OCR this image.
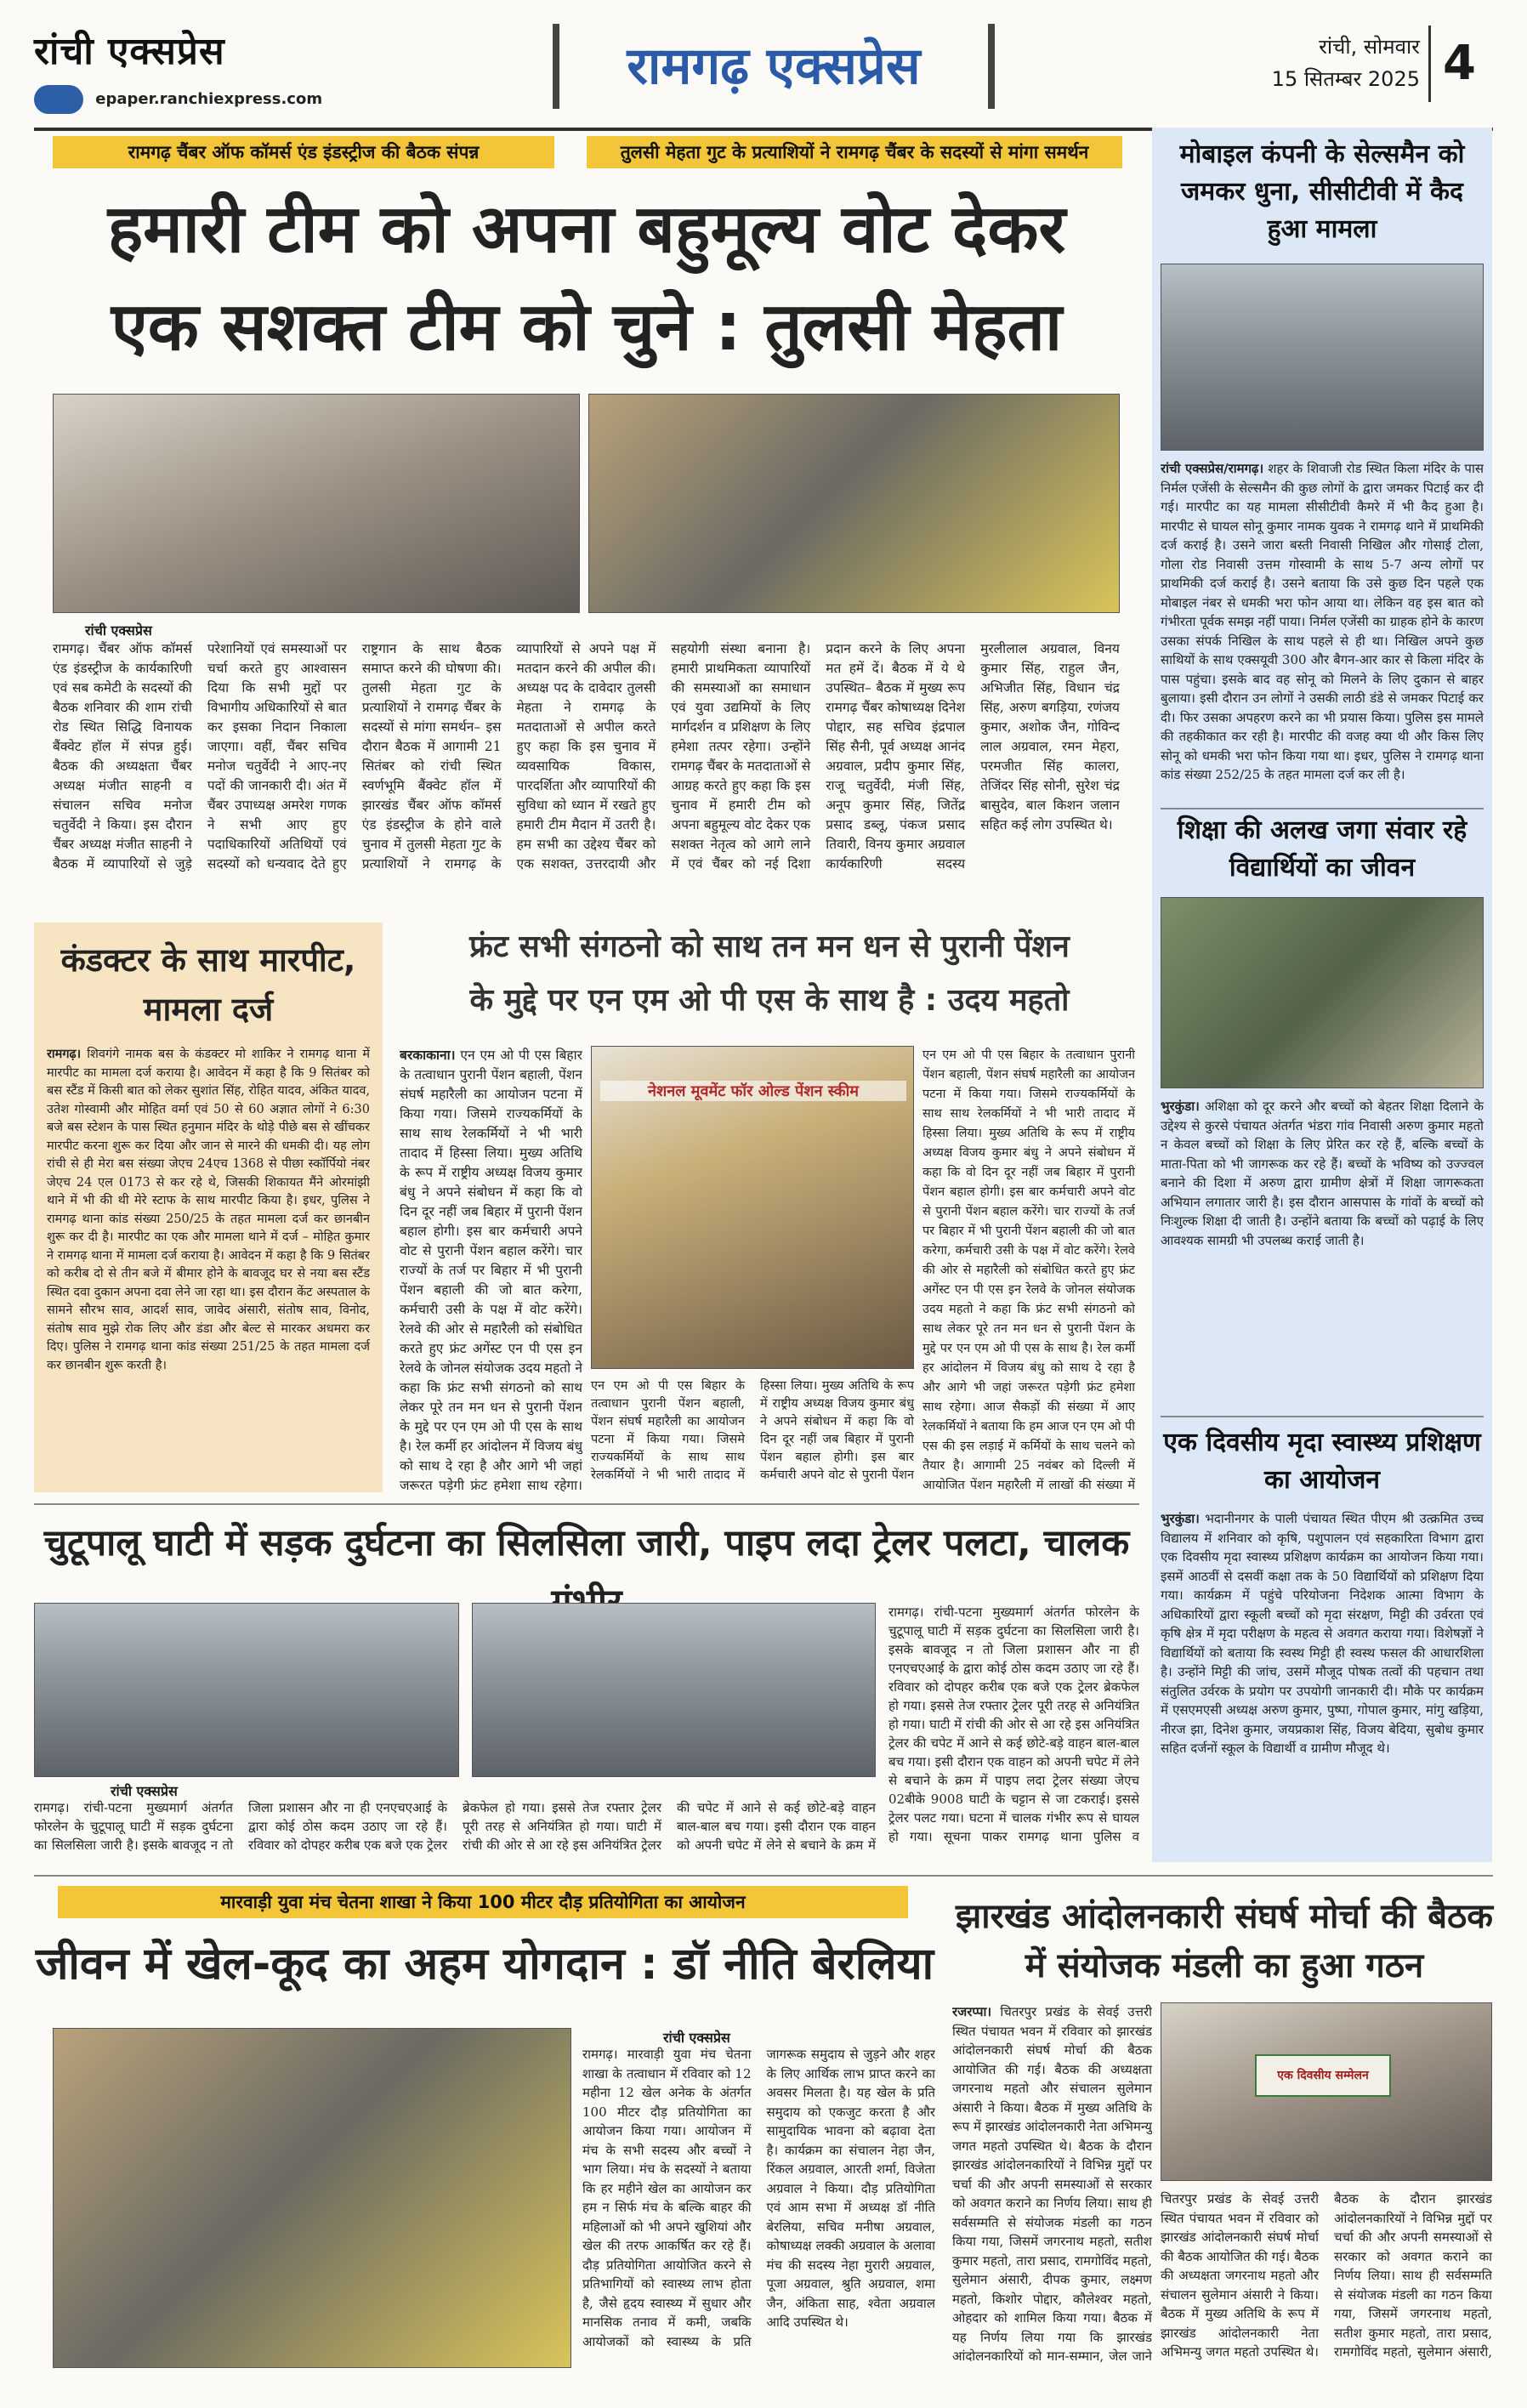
रांची एक्सप्रेस
epaper.ranchiexpress.com
रामगढ़ एक्सप्रेस	रांची, सोमवार
15 सितम्बर 2025 4
रामगढ़ चैंबर ऑफ कॉमर्स एंड इंडस्ट्रीज की बैठक संपन्न	तुलसी मेहता गुट के प्रत्याशियों ने रामगढ़ चैंबर के सदस्यों से मांगा समर्थन
हमारी टीम को अपना बहुमूल्य वोट देकर
एक सशक्त टीम को चुने : तुलसी मेहता
रांची एक्सप्रेस
रामगढ़। चैंबर ऑफ कॉमर्स एंड इंडस्ट्रीज के कार्यकारिणी एवं सब कमेटी के सदस्यों की बैठक शनिवार की शाम रांची रोड स्थित सिद्धि विनायक बैंक्वेट हॉल में संपन्न हुई। बैठक की अध्यक्षता चैंबर अध्यक्ष मंजीत साहनी व संचालन सचिव मनोज चतुर्वेदी ने किया। इस दौरान चैंबर अध्यक्ष मंजीत साहनी ने बैठक में व्यापारियों से जुड़े परेशानियों एवं समस्याओं पर चर्चा करते हुए आश्वासन दिया कि सभी मुद्दों पर विभागीय अधिकारियों से बात कर इसका निदान निकाला जाएगा। वहीं, चैंबर सचिव मनोज चतुर्वेदी ने आए-नए पदों की जानकारी दी। अंत में चैंबर उपाध्यक्ष अमरेश गणक ने सभी आए हुए पदाधिकारियों अतिथियों एवं सदस्यों को धन्यवाद देते हुए राष्ट्रगान के साथ बैठक समाप्त करने की घोषणा की। तुलसी मेहता गुट के प्रत्याशियों ने रामगढ़ चैंबर के सदस्यों से मांगा समर्थन– इस दौरान बैठक में आगामी 21 सितंबर को रांची स्थित स्वर्णभूमि बैंक्वेट हॉल में झारखंड चैंबर ऑफ कॉमर्स एंड इंडस्ट्रीज के होने वाले चुनाव में तुलसी मेहता गुट के प्रत्याशियों ने रामगढ़ के व्यापारियों से अपने पक्ष में मतदान करने की अपील की। अध्यक्ष पद के दावेदार तुलसी मेहता ने रामगढ़ के मतदाताओं से अपील करते हुए कहा कि इस चुनाव में व्यवसायिक विकास, पारदर्शिता और व्यापारियों की सुविधा को ध्यान में रखते हुए हमारी टीम मैदान में उतरी है। हम सभी का उद्देश्य चैंबर को एक सशक्त, उत्तरदायी और सहयोगी संस्था बनाना है। हमारी प्राथमिकता व्यापारियों की समस्याओं का समाधान एवं युवा उद्यमियों के लिए मार्गदर्शन व प्रशिक्षण के लिए हमेशा तत्पर रहेगा। उन्होंने रामगढ़ चैंबर के मतदाताओं से आग्रह करते हुए कहा कि इस चुनाव में हमारी टीम को अपना बहुमूल्य वोट देकर एक सशक्त नेतृत्व को आगे लाने में एवं चैंबर को नई दिशा प्रदान करने के लिए अपना मत हमें दें। बैठक में ये थे उपस्थित– बैठक में मुख्य रूप रामगढ़ चैंबर कोषाध्यक्ष दिनेश पोद्दार, सह सचिव इंद्रपाल सिंह सैनी, पूर्व अध्यक्ष आनंद अग्रवाल, प्रदीप कुमार सिंह, राजू चतुर्वेदी, मंजी सिंह, अनूप कुमार सिंह, जितेंद्र प्रसाद डब्लू, पंकज प्रसाद तिवारी, विनय कुमार अग्रवाल कार्यकारिणी सदस्य मुरलीलाल अग्रवाल, विनय कुमार सिंह, राहुल जैन, अभिजीत सिंह, विधान चंद्र सिंह, अरुण बगड़िया, रणंजय कुमार, अशोक जैन, गोविन्द लाल अग्रवाल, रमन मेहरा, परमजीत सिंह कालरा, तेजिंदर सिंह सोनी, सुरेश चंद्र बासुदेव, बाल किशन जलान सहित कई लोग उपस्थित थे।
मोबाइल कंपनी के सेल्समैन को जमकर धुना, सीसीटीवी में कैद हुआ मामला
रांची एक्सप्रेस/रामगढ़। शहर के शिवाजी रोड स्थित किला मंदिर के पास निर्मल एजेंसी के सेल्समैन की कुछ लोगों के द्वारा जमकर पिटाई कर दी गई। मारपीट का यह मामला सीसीटीवी कैमरे में भी कैद हुआ है। मारपीट से घायल सोनू कुमार नामक युवक ने रामगढ़ थाने में प्राथमिकी दर्ज कराई है। उसने जारा बस्ती निवासी निखिल और गोसाई टोला, गोला रोड निवासी उत्तम गोस्वामी के साथ 5-7 अन्य लोगों पर प्राथमिकी दर्ज कराई है। उसने बताया कि उसे कुछ दिन पहले एक मोबाइल नंबर से धमकी भरा फोन आया था। लेकिन वह इस बात को गंभीरता पूर्वक समझ नहीं पाया। निर्मल एजेंसी का ग्राहक होने के कारण उसका संपर्क निखिल के साथ पहले से ही था। निखिल अपने कुछ साथियों के साथ एक्सयूवी 300 और बैगन-आर कार से किला मंदिर के पास पहुंचा। इसके बाद वह सोनू को मिलने के लिए दुकान से बाहर बुलाया। इसी दौरान उन लोगों ने उसकी लाठी डंडे से जमकर पिटाई कर दी। फिर उसका अपहरण करने का भी प्रयास किया। पुलिस इस मामले की तहकीकात कर रही है। मारपीट की वजह क्या थी और किस लिए सोनू को धमकी भरा फोन किया गया था। इधर, पुलिस ने रामगढ़ थाना कांड संख्या 252/25 के तहत मामला दर्ज कर ली है।
शिक्षा की अलख जगा संवार रहे विद्यार्थियों का जीवन
भुरकुंडा। अशिक्षा को दूर करने और बच्चों को बेहतर शिक्षा दिलाने के उद्देश्य से कुरसे पंचायत अंतर्गत भंडरा गांव निवासी अरुण कुमार महतो न केवल बच्चों को शिक्षा के लिए प्रेरित कर रहे हैं, बल्कि बच्चों के माता-पिता को भी जागरूक कर रहे हैं। बच्चों के भविष्य को उज्ज्वल बनाने की दिशा में अरुण द्वारा ग्रामीण क्षेत्रों में शिक्षा जागरूकता अभियान लगातार जारी है। इस दौरान आसपास के गांवों के बच्चों को निःशुल्क शिक्षा दी जाती है। उन्होंने बताया कि बच्चों को पढ़ाई के लिए आवश्यक सामग्री भी उपलब्ध कराई जाती है।
एक दिवसीय मृदा स्वास्थ्य प्रशिक्षण का आयोजन
भुरकुंडा। भदानीनगर के पाली पंचायत स्थित पीएम श्री उत्क्रमित उच्च विद्यालय में शनिवार को कृषि, पशुपालन एवं सहकारिता विभाग द्वारा एक दिवसीय मृदा स्वास्थ्य प्रशिक्षण कार्यक्रम का आयोजन किया गया। इसमें आठवीं से दसवीं कक्षा तक के 50 विद्यार्थियों को प्रशिक्षण दिया गया। कार्यक्रम में पहुंचे परियोजना निदेशक आत्मा विभाग के अधिकारियों द्वारा स्कूली बच्चों को मृदा संरक्षण, मिट्टी की उर्वरता एवं कृषि क्षेत्र में मृदा परीक्षण के महत्व से अवगत कराया गया। विशेषज्ञों ने विद्यार्थियों को बताया कि स्वस्थ मिट्टी ही स्वस्थ फसल की आधारशिला है। उन्होंने मिट्टी की जांच, उसमें मौजूद पोषक तत्वों की पहचान तथा संतुलित उर्वरक के प्रयोग पर उपयोगी जानकारी दी। मौके पर कार्यक्रम में एसएमएसी अध्यक्ष अरुण कुमार, पुष्पा, गोपाल कुमार, मांगु खड़िया, नीरज झा, दिनेश कुमार, जयप्रकाश सिंह, विजय बेदिया, सुबोध कुमार सहित दर्जनों स्कूल के विद्यार्थी व ग्रामीण मौजूद थे।
कंडक्टर के साथ मारपीट, मामला दर्ज
रामगढ़। शिवगंगे नामक बस के कंडक्टर मो शाकिर ने रामगढ़ थाना में मारपीट का मामला दर्ज कराया है। आवेदन में कहा है कि 9 सितंबर को बस स्टैंड में किसी बात को लेकर सुशांत सिंह, रोहित यादव, अंकित यादव, उतेश गोस्वामी और मोहित वर्मा एवं 50 से 60 अज्ञात लोगों ने 6:30 बजे बस स्टेशन के पास स्थित हनुमान मंदिर के थोड़े पीछे बस से खींचकर मारपीट करना शुरू कर दिया और जान से मारने की धमकी दी। यह लोग रांची से ही मेरा बस संख्या जेएच 24एच 1368 से पीछा स्कॉर्पियो नंबर जेएच 24 एल 0173 से कर रहे थे, जिसकी शिकायत मैंने ओरमांझी थाने में भी की थी मेरे स्टाफ के साथ मारपीट किया है। इधर, पुलिस ने रामगढ़ थाना कांड संख्या 250/25 के तहत मामला दर्ज कर छानबीन शुरू कर दी है। मारपीट का एक और मामला थाने में दर्ज – मोहित कुमार ने रामगढ़ थाना में मामला दर्ज कराया है। आवेदन में कहा है कि 9 सितंबर को करीब दो से तीन बजे में बीमार होने के बावजूद घर से नया बस स्टैंड स्थित दवा दुकान अपना दवा लेने जा रहा था। इस दौरान केंट अस्पताल के सामने सौरभ साव, आदर्श साव, जावेद अंसारी, संतोष साव, विनोद, संतोष साव मुझे रोक लिए और डंडा और बेल्ट से मारकर अधमरा कर दिए। पुलिस ने रामगढ़ थाना कांड संख्या 251/25 के तहत मामला दर्ज कर छानबीन शुरू करती है।
फ्रंट सभी संगठनो को साथ तन मन धन से पुरानी पेंशन
के मुद्दे पर एन एम ओ पी एस के साथ है : उदय महतो
नेशनल मूवमेंट फॉर ओल्ड पेंशन स्कीम
बरकाकाना। एन एम ओ पी एस बिहार के तत्वाधान पुरानी पेंशन बहाली, पेंशन संघर्ष महारैली का आयोजन पटना में किया गया। जिसमे राज्यकर्मियों के साथ साथ रेलकर्मियों ने भी भारी तादाद में हिस्सा लिया। मुख्य अतिथि के रूप में राष्ट्रीय अध्यक्ष विजय कुमार बंधु ने अपने संबोधन में कहा कि वो दिन दूर नहीं जब बिहार में पुरानी पेंशन बहाल होगी। इस बार कर्मचारी अपने वोट से पुरानी पेंशन बहाल करेंगे। चार राज्यों के तर्ज पर बिहार में भी पुरानी पेंशन बहाली की जो बात करेगा, कर्मचारी उसी के पक्ष में वोट करेंगे। रेलवे की ओर से महारैली को संबोधित करते हुए फ्रंट अगेंस्ट एन पी एस इन रेलवे के जोनल संयोजक उदय महतो ने कहा कि फ्रंट सभी संगठनो को साथ लेकर पूरे तन मन धन से पुरानी पेंशन के मुद्दे पर एन एम ओ पी एस के साथ है। रेल कर्मी हर आंदोलन में विजय बंधु को साथ दे रहा है और आगे भी जहां जरूरत पड़ेगी फ्रंट हमेशा साथ रहेगा।
एन एम ओ पी एस बिहार के तत्वाधान पुरानी पेंशन बहाली, पेंशन संघर्ष महारैली का आयोजन पटना में किया गया। जिसमे राज्यकर्मियों के साथ साथ रेलकर्मियों ने भी भारी तादाद में हिस्सा लिया। मुख्य अतिथि के रूप में राष्ट्रीय अध्यक्ष विजय कुमार बंधु ने अपने संबोधन में कहा कि वो दिन दूर नहीं जब बिहार में पुरानी पेंशन बहाल होगी। इस बार कर्मचारी अपने वोट से पुरानी पेंशन बहाल करेंगे। चार राज्यों के तर्ज पर बिहार में भी पुरानी पेंशन बहाली की जो बात करेगा, कर्मचारी उसी के पक्ष में वोट करेंगे। रेलवे की ओर से महारैली को संबोधित करते हुए फ्रंट अगेंस्ट एन पी एस इन रेलवे के जोनल संयोजक उदय महतो ने कहा कि फ्रंट सभी संगठनो को साथ लेकर पूरे तन मन धन से पुरानी पेंशन के मुद्दे पर एन एम ओ पी एस के साथ है। रेल कर्मी हर आंदोलन में विजय बंधु को साथ दे रहा है और आगे भी जहां जरूरत पड़ेगी फ्रंट हमेशा साथ रहेगा। आज सैकड़ों की संख्या में आए रेलकर्मियों ने बताया कि हम आज एन एम ओ पी एस की इस लड़ाई में कर्मियों के साथ चलने को तैयार है। आगामी 25 नवंबर को दिल्ली में आयोजित पेंशन महारैली में लाखों की संख्या में
एन एम ओ पी एस बिहार के तत्वाधान पुरानी पेंशन बहाली, पेंशन संघर्ष महारैली का आयोजन पटना में किया गया। जिसमे राज्यकर्मियों के साथ साथ रेलकर्मियों ने भी भारी तादाद में हिस्सा लिया। मुख्य अतिथि के रूप में राष्ट्रीय अध्यक्ष विजय कुमार बंधु ने अपने संबोधन में कहा कि वो दिन दूर नहीं जब बिहार में पुरानी पेंशन बहाल होगी। इस बार कर्मचारी अपने वोट से पुरानी पेंशन
चुटूपालू घाटी में सड़क दुर्घटना का सिलसिला जारी, पाइप लदा ट्रेलर पलटा, चालक
रांची एक्सप्रेस
रामगढ़। रांची-पटना मुख्यमार्ग अंतर्गत फोरलेन के चुटूपालू घाटी में सड़क दुर्घटना का सिलसिला जारी है। इसके बावजूद न तो जिला प्रशासन और ना ही एनएचएआई के द्वारा कोई ठोस कदम उठाए जा रहे हैं। रविवार को दोपहर करीब एक बजे एक ट्रेलर ब्रेकफेल हो गया। इससे तेज रफ्तार ट्रेलर पूरी तरह से अनियंत्रित हो गया। घाटी में रांची की ओर से आ रहे इस अनियंत्रित ट्रेलर की चपेट में आने से कई छोटे-बड़े वाहन बाल-बाल बच गया। इसी दौरान एक वाहन को अपनी चपेट में लेने से बचाने के क्रम में
रामगढ़। रांची-पटना मुख्यमार्ग अंतर्गत फोरलेन के चुटूपालू घाटी में सड़क दुर्घटना का सिलसिला जारी है। इसके बावजूद न तो जिला प्रशासन और ना ही एनएचएआई के द्वारा कोई ठोस कदम उठाए जा रहे हैं। रविवार को दोपहर करीब एक बजे एक ट्रेलर ब्रेकफेल हो गया। इससे तेज रफ्तार ट्रेलर पूरी तरह से अनियंत्रित हो गया। घाटी में रांची की ओर से आ रहे इस अनियंत्रित ट्रेलर की चपेट में आने से कई छोटे-बड़े वाहन बाल-बाल बच गया। इसी दौरान एक वाहन को अपनी चपेट में लेने से बचाने के क्रम में पाइप लदा ट्रेलर संख्या जेएच 02बीके 9008 घाटी के चट्टान से जा टकराई। इससे ट्रेलर पलट गया। घटना में चालक गंभीर रूप से घायल हो गया। सूचना पाकर रामगढ़ थाना पुलिस व
मारवाड़ी युवा मंच चेतना शाखा ने किया 100 मीटर दौड़ प्रतियोगिता का आयोजन
जीवन में खेल-कूद का अहम योगदान : डॉ नीति बेरलिया
रांची एक्सप्रेस
रामगढ़। मारवाड़ी युवा मंच चेतना शाखा के तत्वाधान में रविवार को 12 महीना 12 खेल अनेक के अंतर्गत 100 मीटर दौड़ प्रतियोगिता का आयोजन किया गया। आयोजन में मंच के सभी सदस्य और बच्चों ने भाग लिया। मंच के सदस्यों ने बताया कि हर महीने खेल का आयोजन कर हम न सिर्फ मंच के बल्कि बाहर की महिलाओं को भी अपने खुशियां और खेल की तरफ आकर्षित कर रहे हैं। दौड़ प्रतियोगिता आयोजित करने से प्रतिभागियों को स्वास्थ्य लाभ होता है, जैसे हृदय स्वास्थ्य में सुधार और मानसिक तनाव में कमी, जबकि आयोजकों को स्वास्थ्य के प्रति जागरूक समुदाय से जुड़ने और शहर के लिए आर्थिक लाभ प्राप्त करने का अवसर मिलता है। यह खेल के प्रति समुदाय को एकजुट करता है और सामुदायिक भावना को बढ़ावा देता है। कार्यक्रम का संचालन नेहा जैन, रिंकल अग्रवाल, आरती शर्मा, विजेता अग्रवाल ने किया। दौड़ प्रतियोगिता एवं आम सभा में अध्यक्ष डॉ नीति बेरलिया, सचिव मनीषा अग्रवाल, कोषाध्यक्ष लक्की अग्रवाल के अलावा मंच की सदस्य नेहा मुरारी अग्रवाल, पूजा अग्रवाल, श्रुति अग्रवाल, शमा जैन, अंकिता साह, श्वेता अग्रवाल आदि उपस्थित थे।
झारखंड आंदोलनकारी संघर्ष मोर्चा की बैठक में संयोजक मंडली का हुआ गठन
रजरप्पा। चितरपुर प्रखंड के सेवई उत्तरी स्थित पंचायत भवन में रविवार को झारखंड आंदोलनकारी संघर्ष मोर्चा की बैठक आयोजित की गई। बैठक की अध्यक्षता जगरनाथ महतो और संचालन सुलेमान अंसारी ने किया। बैठक में मुख्य अतिथि के रूप में झारखंड आंदोलनकारी नेता अभिमन्यु जगत महतो उपस्थित थे। बैठक के दौरान झारखंड आंदोलनकारियों ने विभिन्न मुद्दों पर चर्चा की और अपनी समस्याओं से सरकार को अवगत कराने का निर्णय लिया। साथ ही सर्वसम्मति से संयोजक मंडली का गठन किया गया, जिसमें जगरनाथ महतो, सतीश कुमार महतो, तारा प्रसाद, रामगोविंद महतो, सुलेमान अंसारी, दीपक कुमार, लक्ष्मण महतो, किशोर पोद्दार, कौलेश्वर महतो, ओहदार को शामिल किया गया। बैठक में यह निर्णय लिया गया कि झारखंड आंदोलनकारियों को मान-सम्मान, जेल जाने
एक दिवसीय सम्मेलन
चितरपुर प्रखंड के सेवई उत्तरी स्थित पंचायत भवन में रविवार को झारखंड आंदोलनकारी संघर्ष मोर्चा की बैठक आयोजित की गई। बैठक की अध्यक्षता जगरनाथ महतो और संचालन सुलेमान अंसारी ने किया। बैठक में मुख्य अतिथि के रूप में झारखंड आंदोलनकारी नेता अभिमन्यु जगत महतो उपस्थित थे। बैठक के दौरान झारखंड आंदोलनकारियों ने विभिन्न मुद्दों पर चर्चा की और अपनी समस्याओं से सरकार को अवगत कराने का निर्णय लिया। साथ ही सर्वसम्मति से संयोजक मंडली का गठन किया गया, जिसमें जगरनाथ महतो, सतीश कुमार महतो, तारा प्रसाद, रामगोविंद महतो, सुलेमान अंसारी,
